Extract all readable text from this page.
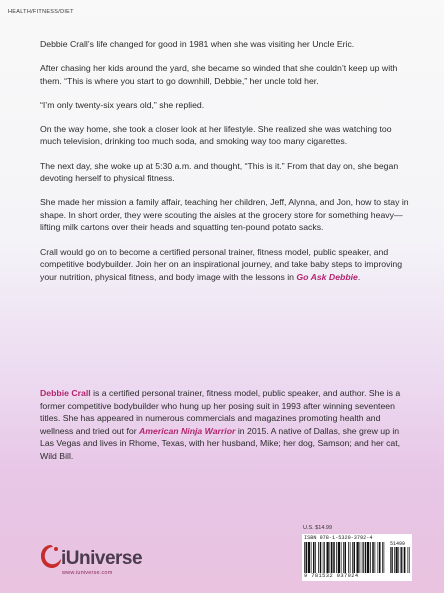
HEALTH/FITNESS/DIET

Debbie Crall’s life changed for good in 1981 when she was visiting her Uncle Eric.

After chasing her kids around the yard, she became so winded that she couldn’t keep up with them. “This is where you start to go downhill, Debbie,” her uncle told her.

“I’m only twenty-six years old,” she replied.

On the way home, she took a closer look at her lifestyle. She realized she was watching too much television, drinking too much soda, and smoking way too many cigarettes.

The next day, she woke up at 5:30 a.m. and thought, “This is it.” From that day on, she began devoting herself to physical fitness.

She made her mission a family affair, teaching her children, Jeff, Alynna, and Jon, how to stay in shape. In short order, they were scouting the aisles at the grocery store for something heavy—lifting milk cartons over their heads and squatting ten-pound potato sacks.

Crall would go on to become a certified personal trainer, fitness model, public speaker, and competitive bodybuilder. Join her on an inspirational journey, and take baby steps to improving your nutrition, physical fitness, and body image with the lessons in Go Ask Debbie.

Debbie Crall is a certified personal trainer, fitness model, public speaker, and author. She is a former competitive bodybuilder who hung up her posing suit in 1993 after winning seventeen titles. She has appeared in numerous commercials and magazines promoting health and wellness and tried out for American Ninja Warrior in 2015. A native of Dallas, she grew up in Las Vegas and lives in Rhome, Texas, with her husband, Mike; her dog, Samson; and her cat, Wild Bill.

U.S. $14.99
ISBN 978-1-5320-3792-4
51499
9 781532 037924
iUniverse
www.iuniverse.com
